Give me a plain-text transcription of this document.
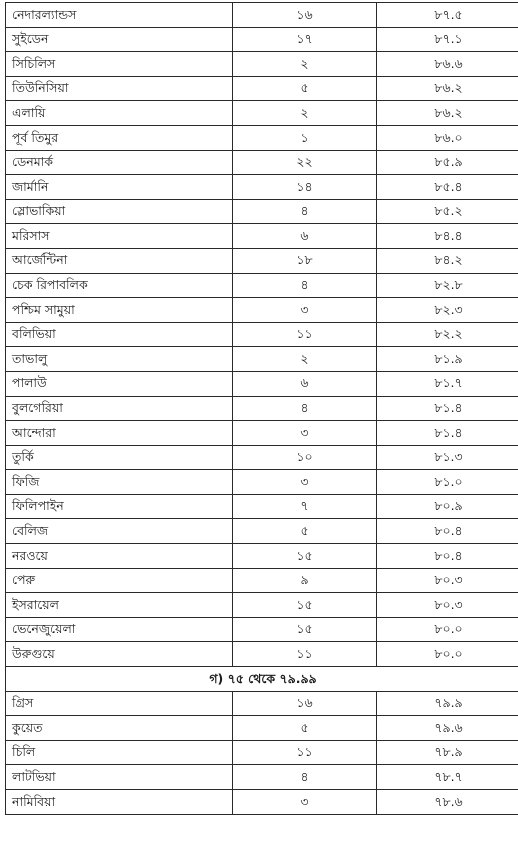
নেদারল্যান্ডস	১৬	৮৭.৫
সুইডেন	১৭	৮৭.১
সিচিলিস	২	৮৬.৬
তিউনিসিয়া	৫	৮৬.২
এলায়ি	২	৮৬.২
পূর্ব তিমুর	১	৮৬.০
ডেনমার্ক	২২	৮৫.৯
জার্মানি	১৪	৮৫.৪
স্লোভাকিয়া	৪	৮৫.২
মরিসাস	৬	৮৪.৪
আর্জেন্টিনা	১৮	৮৪.২
চেক রিপাবলিক	৪	৮২.৮
পশ্চিম সামুয়া	৩	৮২.৩
বলিভিয়া	১১	৮২.২
তাভালু	২	৮১.৯
পালাউ	৬	৮১.৭
বুলগেরিয়া	৪	৮১.৪
আন্দোরা	৩	৮১.৪
তুর্কি	১০	৮১.৩
ফিজি	৩	৮১.০
ফিলিপাইন	৭	৮০.৯
বেলিজ	৫	৮০.৪
নরওয়ে	১৫	৮০.৪
পেরু	৯	৮০.৩
ইসরায়েল	১৫	৮০.৩
ভেনেজুয়েলা	১৫	৮০.০
উরুগুয়ে	১১	৮০.০
গ) ৭৫ থেকে ৭৯.৯৯		
গ্রিস	১৬	৭৯.৯
কুয়েত	৫	৭৯.৬
চিলি	১১	৭৮.৯
লাটভিয়া	৪	৭৮.৭
নামিবিয়া	৩	৭৮.৬
